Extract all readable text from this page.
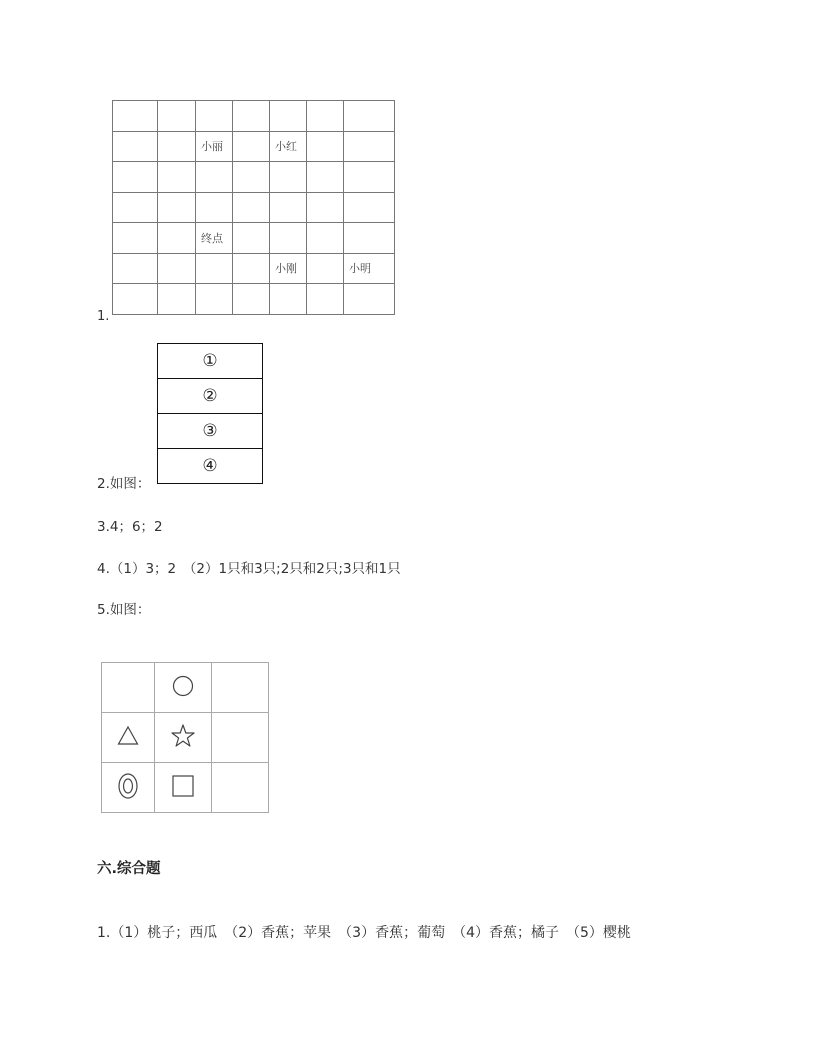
1.

		小丽		小红		

		终点				

				小刚		小明

2.如图：
①
②
③
④
3.4；6；2
4.（1）3；2　（2）1只和3只;2只和2只;3只和1只
5.如图：

六.综合题
1.（1）桃子；西瓜　（2）香蕉；苹果　（3）香蕉；葡萄　（4）香蕉；橘子　（5）樱桃
